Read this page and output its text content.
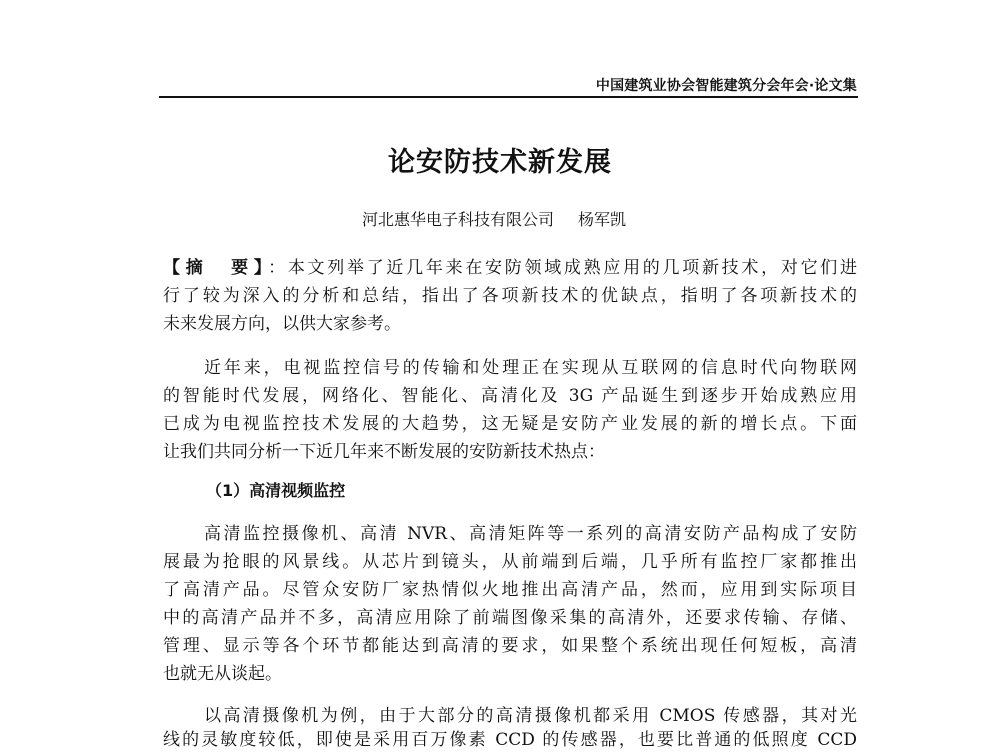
中国建筑业协会智能建筑分会年会·论文集
论安防技术新发展
河北惠华电子科技有限公司 杨军凯
【摘　要】：本文列举了近几年来在安防领域成熟应用的几项新技术，对它们进
行了较为深入的分析和总结，指出了各项新技术的优缺点，指明了各项新技术的
未来发展方向，以供大家参考。
近年来，电视监控信号的传输和处理正在实现从互联网的信息时代向物联网
的智能时代发展，网络化、智能化、高清化及 3G 产品诞生到逐步开始成熟应用
已成为电视监控技术发展的大趋势，这无疑是安防产业发展的新的增长点。下面
让我们共同分析一下近几年来不断发展的安防新技术热点：
（1）高清视频监控
高清监控摄像机、高清 NVR、高清矩阵等一系列的高清安防产品构成了安防
展最为抢眼的风景线。从芯片到镜头，从前端到后端，几乎所有监控厂家都推出
了高清产品。尽管众安防厂家热情似火地推出高清产品，然而，应用到实际项目
中的高清产品并不多，高清应用除了前端图像采集的高清外，还要求传输、存储、
管理、显示等各个环节都能达到高清的要求，如果整个系统出现任何短板，高清
也就无从谈起。
以高清摄像机为例，由于大部分的高清摄像机都采用 CMOS 传感器，其对光
线的灵敏度较低，即使是采用百万像素 CCD 的传感器，也要比普通的低照度 CCD
